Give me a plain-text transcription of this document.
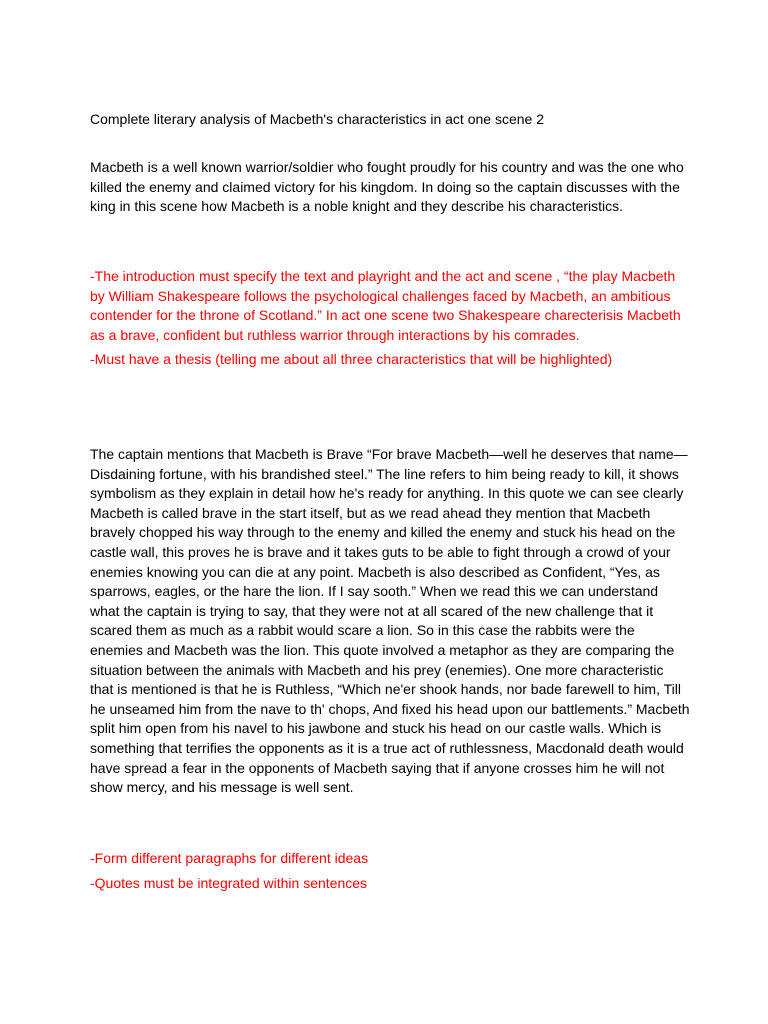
Complete literary analysis of Macbeth's characteristics in act one scene 2

Macbeth is a well known warrior/soldier who fought proudly for his country and was the one who killed the enemy and claimed victory for his kingdom. In doing so the captain discusses with the king in this scene how Macbeth is a noble knight and they describe his characteristics.

-The introduction must specify the text and playright and the act and scene , “the play Macbeth by William Shakespeare follows the psychological challenges faced by Macbeth, an ambitious contender for the throne of Scotland.” In act one scene two Shakespeare charecterisis Macbeth as a brave, confident but ruthless warrior through interactions by his comrades.

-Must have a thesis (telling me about all three characteristics that will be highlighted)

The captain mentions that Macbeth is Brave “For brave Macbeth—well he deserves that name— Disdaining fortune, with his brandished steel.” The line refers to him being ready to kill, it shows symbolism as they explain in detail how he's ready for anything. In this quote we can see clearly Macbeth is called brave in the start itself, but as we read ahead they mention that Macbeth bravely chopped his way through to the enemy and killed the enemy and stuck his head on the castle wall, this proves he is brave and it takes guts to be able to fight through a crowd of your enemies knowing you can die at any point. Macbeth is also described as Confident, “Yes, as sparrows, eagles, or the hare the lion. If I say sooth.” When we read this we can understand what the captain is trying to say, that they were not at all scared of the new challenge that it scared them as much as a rabbit would scare a lion. So in this case the rabbits were the enemies and Macbeth was the lion. This quote involved a metaphor as they are comparing the situation between the animals with Macbeth and his prey (enemies). One more characteristic that is mentioned is that he is Ruthless, “Which ne'er shook hands, nor bade farewell to him, Till he unseamed him from the nave to th' chops, And fixed his head upon our battlements.” Macbeth split him open from his navel to his jawbone and stuck his head on our castle walls. Which is something that terrifies the opponents as it is a true act of ruthlessness, Macdonald death would have spread a fear in the opponents of Macbeth saying that if anyone crosses him he will not show mercy, and his message is well sent.

-Form different paragraphs for different ideas

-Quotes must be integrated within sentences
